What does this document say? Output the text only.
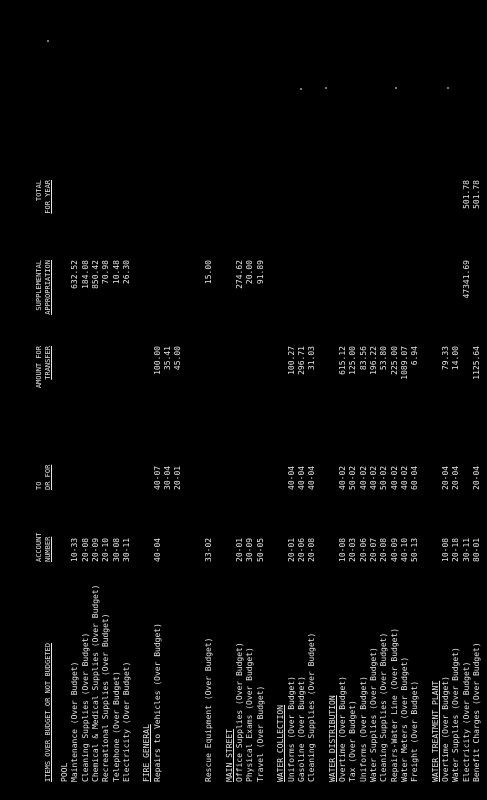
ACCOUNT
TO
AMOUNT FOR
SUPPLEMENTAL
TOTAL
ITEMS OVER BUDGET OR NOT BUDGETED
NUMBER
DR FOR
TRANSFER
APPROPRIATION
FOR YEAR
POOL Maintenance (Over Budget)
10-33
632.52
Cleaning Supplies (Over Budget)
20-08
184.08
Chemical & Medical Supplies (Over Budget)
20-09
850.42
Recreational Supplies (Over Budget)
20-10
70.98
Telephone (Over Budget)
30-08
10.48
Electricity (Over Budget)
30-11
26.30
FIRE GENERAL Repairs to Vehicles (Over Budget)
40-04
40-07
100.00
30-04
35.41
20-01
45.00
Rescue Equipment (Over Budget)
33-02
15.00
MAIN STREET Office Supplies (Over Budget)
20-01
274.62
Physical Exams (Over Budget)
30-09
20.00
Travel (Over Budget)
50-05
91.89
WATER COLLECTION Uniforms (Over Budget)
20-01
40-04
100.27
Gasoline (Over Budget)
20-06
40-04
296.71
Cleaning Supplies (Over Budget)
20-08
40-04
31.03
WATER DISTRIBUTION Overtime (Over Budget)
10-08
40-02
615.12
Tax (Over Budget)
20-03
50-02
125.00
Uniforms (Over Budget)
20-06
40-02
83.56
Water Supplies (Over Budget)
20-07
40-02
196.22
Cleaning Supplies (Over Budget)
20-08
50-02
53.80
Repairs-Water Line (Over Budget)
40-09
40-02
225.00
Water Meters (Over Budget)
40-10
40-02
1089.07
Freight (Over Budget)
50-13
60-04
6.94
WATER TREATMENT PLANT Overtime (Over Budget)
10-08
20-04
79.33
Water Supplies (Over Budget)
20-18
20-04
14.00
Electricity (Over Budget)
30-11
47341.69
501.78
Benefit Charges (Over Budget)
80-01
20-04
1125.64
501.78
